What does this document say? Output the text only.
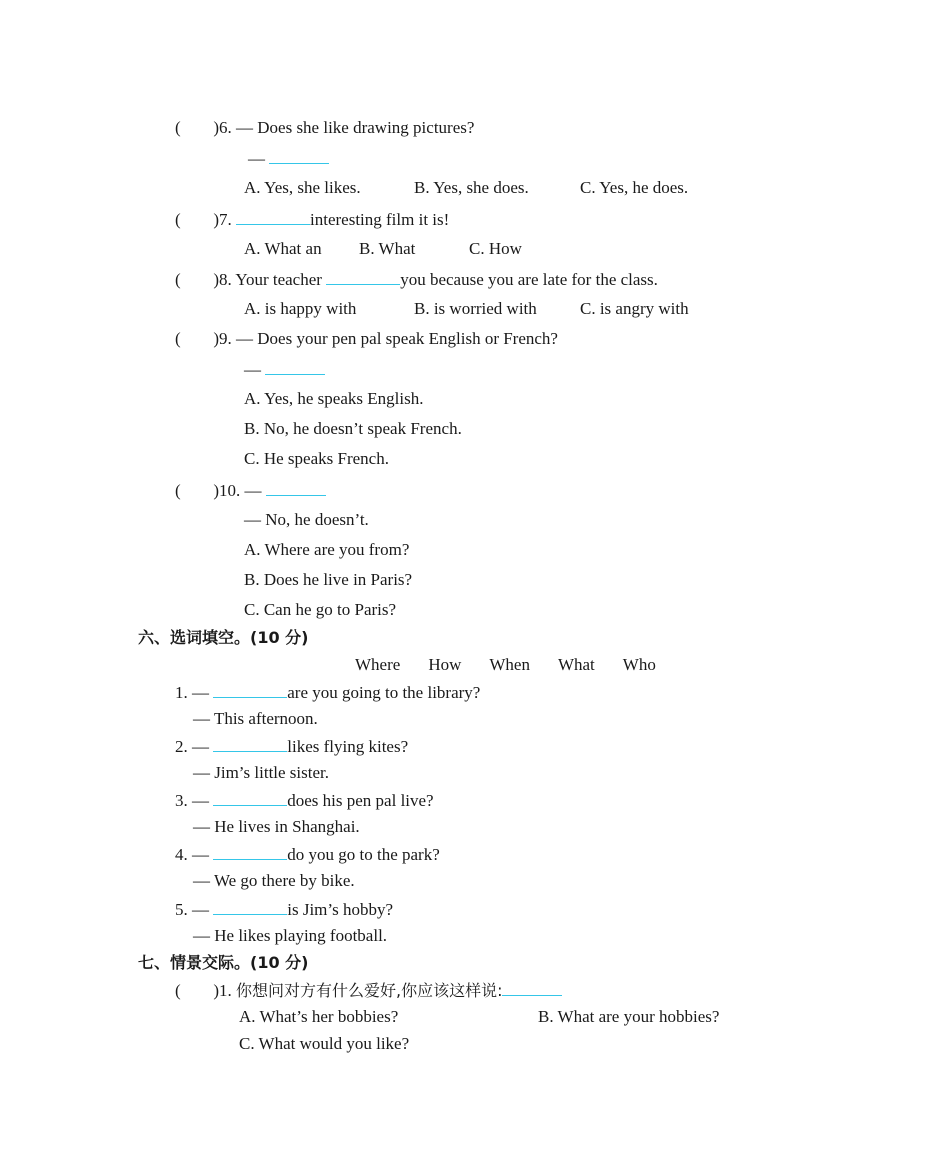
( ) 6. — Does she like drawing pictures?
—
A. Yes, she likes.	B. Yes, she does.	C. Yes, he does.
( ) 7.	interesting film it is!
A. What an B. What	C. How
( ) 8. Your teacher	you because you are late for the class.
A. is happy with	B. is worried with	C. is angry with
( ) 9. — Does your pen pal speak English or French?
—
A. Yes, he speaks English.
B. No, he doesn’t speak French.
C. He speaks French.
( ) 10. —
— No, he doesn’t.
A. Where are you from?
B. Does he live in Paris?
C. Can he go to Paris?
六、选词填空。(10 分)
Where How When What Who
1. —	are you going to the library?
— This afternoon.
2. —	likes flying kites?
— Jim’s little sister.
3. —	does his pen pal live?
— He lives in Shanghai.
4. —	do you go to the park?
— We go there by bike.
5. —	is Jim’s hobby?
— He likes playing football.
七、情景交际。(10 分)
( ) 1. 你想问对方有什么爱好,你应该这样说:
A. What’s her bobbies?	B. What are your hobbies?
C. What would you like?
